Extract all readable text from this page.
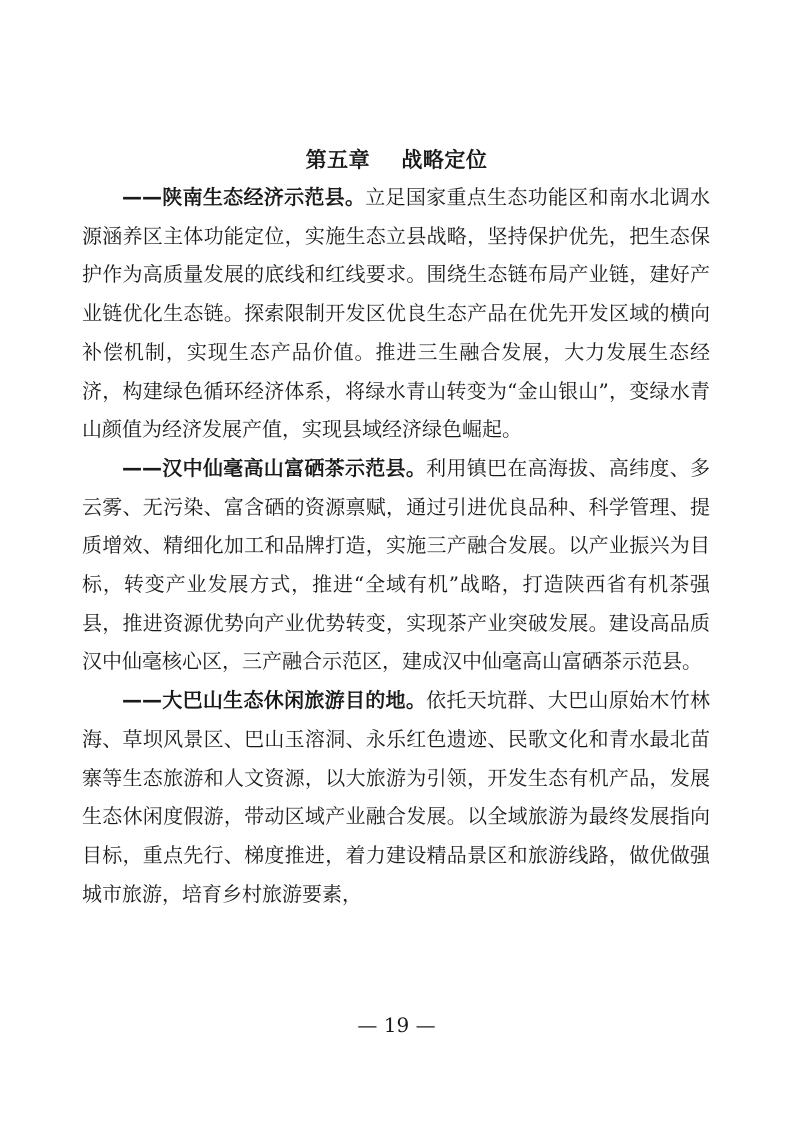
第五章    战略定位

——陕南生态经济示范县。立足国家重点生态功能区和南水北调水源涵养区主体功能定位，实施生态立县战略，坚持保护优先，把生态保护作为高质量发展的底线和红线要求。围绕生态链布局产业链，建好产业链优化生态链。探索限制开发区优良生态产品在优先开发区域的横向补偿机制，实现生态产品价值。推进三生融合发展，大力发展生态经济，构建绿色循环经济体系，将绿水青山转变为“金山银山”，变绿水青山颜值为经济发展产值，实现县域经济绿色崛起。

——汉中仙毫高山富硒茶示范县。利用镇巴在高海拔、高纬度、多云雾、无污染、富含硒的资源禀赋，通过引进优良品种、科学管理、提质增效、精细化加工和品牌打造，实施三产融合发展。以产业振兴为目标，转变产业发展方式，推进“全域有机”战略，打造陕西省有机茶强县，推进资源优势向产业优势转变，实现茶产业突破发展。建设高品质汉中仙毫核心区，三产融合示范区，建成汉中仙毫高山富硒茶示范县。

——大巴山生态休闲旅游目的地。依托天坑群、大巴山原始木竹林海、草坝风景区、巴山玉溶洞、永乐红色遗迹、民歌文化和青水最北苗寨等生态旅游和人文资源，以大旅游为引领，开发生态有机产品，发展生态休闲度假游，带动区域产业融合发展。以全域旅游为最终发展指向目标，重点先行、梯度推进，着力建设精品景区和旅游线路，做优做强城市旅游，培育乡村旅游要素，

— 19 —
